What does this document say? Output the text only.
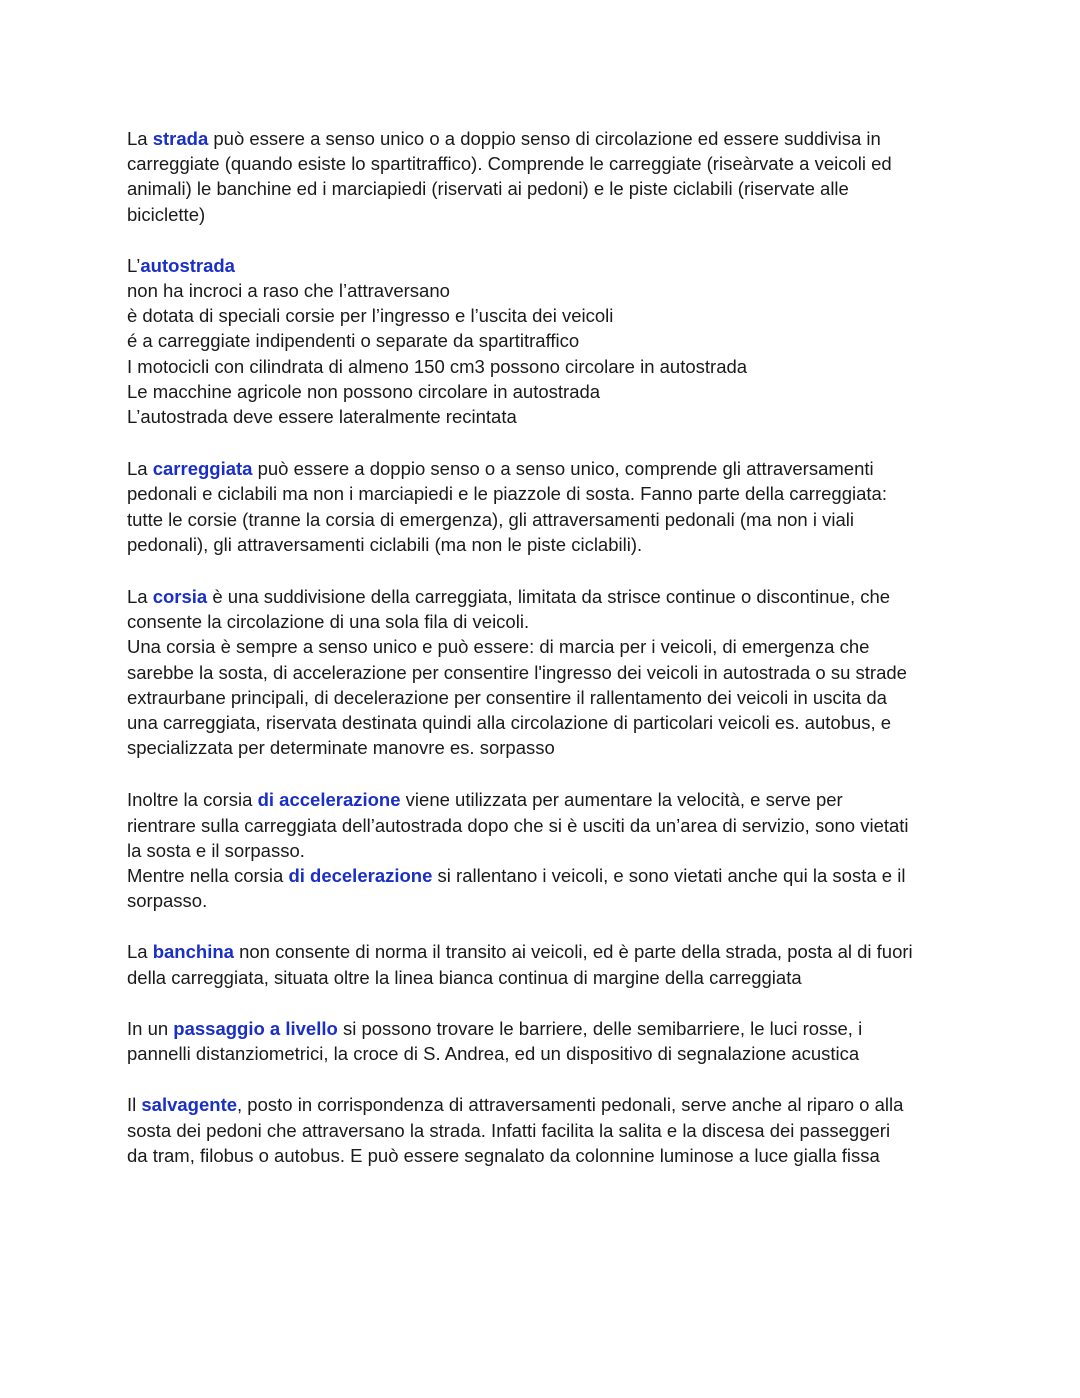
La strada può essere a senso unico o a doppio senso di circolazione ed essere suddivisa in
carreggiate (quando esiste lo spartitraffico). Comprende le carreggiate (riseàrvate a veicoli ed
animali) le banchine ed i marciapiedi (riservati ai pedoni) e le piste ciclabili (riservate alle
biciclette)
L’autostrada
non ha incroci a raso che l’attraversano
è dotata di speciali corsie per l’ingresso e l’uscita dei veicoli
é a carreggiate indipendenti o separate da spartitraffico
I motocicli con cilindrata di almeno 150 cm3 possono circolare in autostrada
Le macchine agricole non possono circolare in autostrada
L’autostrada deve essere lateralmente recintata
La carreggiata può essere a doppio senso o a senso unico, comprende gli attraversamenti
pedonali e ciclabili ma non i marciapiedi e le piazzole di sosta. Fanno parte della carreggiata:
tutte le corsie (tranne la corsia di emergenza), gli attraversamenti pedonali (ma non i viali
pedonali), gli attraversamenti ciclabili (ma non le piste ciclabili).
La corsia è una suddivisione della carreggiata, limitata da strisce continue o discontinue, che
consente la circolazione di una sola fila di veicoli.
Una corsia è sempre a senso unico e può essere: di marcia per i veicoli, di emergenza che
sarebbe la sosta, di accelerazione per consentire l'ingresso dei veicoli in autostrada o su strade
extraurbane principali, di decelerazione per consentire il rallentamento dei veicoli in uscita da
una carreggiata, riservata destinata quindi alla circolazione di particolari veicoli es. autobus, e
specializzata per determinate manovre es. sorpasso
Inoltre la corsia di accelerazione viene utilizzata per aumentare la velocità, e serve per
rientrare sulla carreggiata dell’autostrada dopo che si è usciti da un’area di servizio, sono vietati
la sosta e il sorpasso.
Mentre nella corsia di decelerazione si rallentano i veicoli, e sono vietati anche qui la sosta e il
sorpasso.
La banchina non consente di norma il transito ai veicoli, ed è parte della strada, posta al di fuori
della carreggiata, situata oltre la linea bianca continua di margine della carreggiata
In un passaggio a livello si possono trovare le barriere, delle semibarriere, le luci rosse, i
pannelli distanziometrici, la croce di S. Andrea, ed un dispositivo di segnalazione acustica
Il salvagente, posto in corrispondenza di attraversamenti pedonali, serve anche al riparo o alla
sosta dei pedoni che attraversano la strada. Infatti facilita la salita e la discesa dei passeggeri
da tram, filobus o autobus. E può essere segnalato da colonnine luminose a luce gialla fissa
